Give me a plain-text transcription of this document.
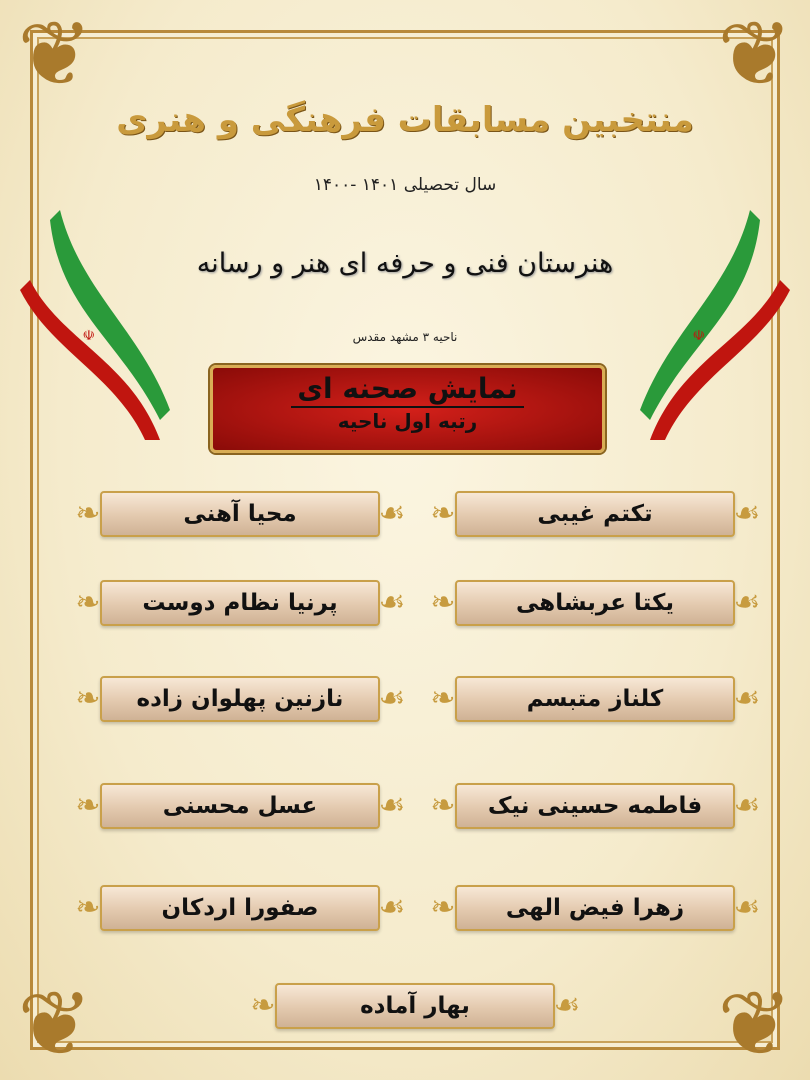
❦	❦
❦	❦
☫	☫
منتخبین مسابقات فرهنگی و هنری
سال تحصیلی ۱۴۰۱ -۱۴۰۰
هنرستان فنی و حرفه ای هنر و رسانه
ناحیه ۳ مشهد مقدس
نمایش صحنه ای
رتبه اول ناحیه
❧	☙
تکتم غیبی
❧	☙
محیا آهنی
❧	☙
یکتا عربشاهی
❧	☙
پرنیا نظام دوست
❧	☙
کلناز متبسم
❧	☙
نازنین پهلوان زاده
❧	☙
فاطمه حسینی نیک
❧	☙
عسل محسنی
❧	☙
زهرا فیض الهی
❧	☙
صفورا اردکان
❧	☙
بهار آماده
